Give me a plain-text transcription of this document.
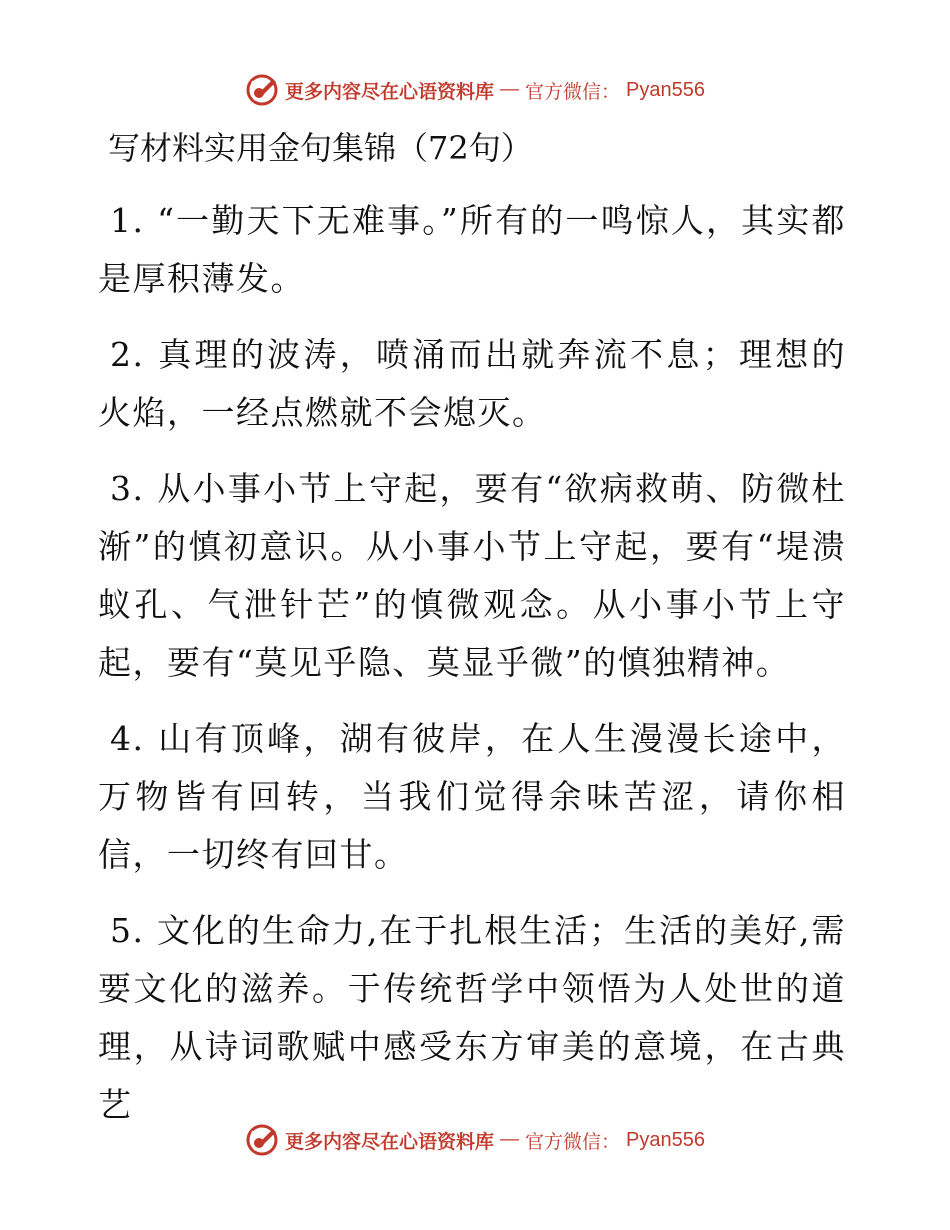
更多内容尽在心语资料库 — 官方微信： Pyan556
写材料实用金句集锦（72句）

1. “一勤天下无难事。”所有的一鸣惊人，其实都是厚积薄发。

2. 真理的波涛，喷涌而出就奔流不息；理想的火焰，一经点燃就不会熄灭。

3. 从小事小节上守起，要有“欲病救萌、防微杜渐”的慎初意识。从小事小节上守起，要有“堤溃蚁孔、气泄针芒”的慎微观念。从小事小节上守起，要有“莫见乎隐、莫显乎微”的慎独精神。

4. 山有顶峰，湖有彼岸，在人生漫漫长途中，万物皆有回转，当我们觉得余味苦涩，请你相信，一切终有回甘。

5. 文化的生命力,在于扎根生活；生活的美好,需要文化的滋养。于传统哲学中领悟为人处世的道理，从诗词歌赋中感受东方审美的意境，在古典艺

更多内容尽在心语资料库 — 官方微信： Pyan556
